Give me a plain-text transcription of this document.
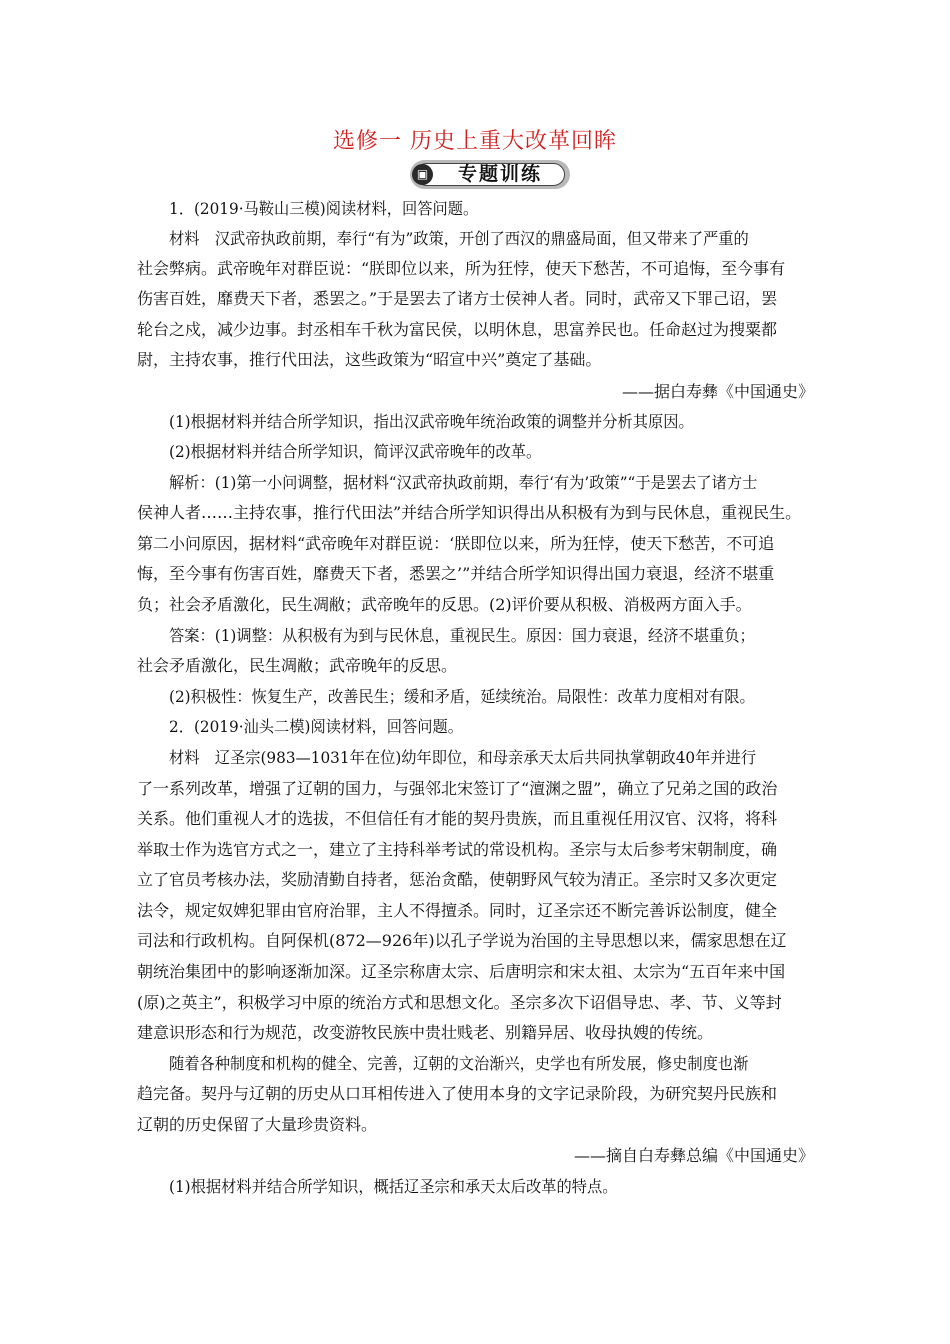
选修一 历史上重大改革回眸
▣	专题训练
1．(2019·马鞍山三模)阅读材料，回答问题。
材料　汉武帝执政前期，奉行“有为”政策，开创了西汉的鼎盛局面，但又带来了严重的
社会弊病。武帝晚年对群臣说：“朕即位以来，所为狂悖，使天下愁苦，不可追悔，至今事有
伤害百姓，靡费天下者，悉罢之。”于是罢去了诸方士侯神人者。同时，武帝又下罪己诏，罢
轮台之戍，减少边事。封丞相车千秋为富民侯，以明休息，思富养民也。任命赵过为搜粟都
尉，主持农事，推行代田法，这些政策为“昭宣中兴”奠定了基础。
——据白寿彝《中国通史》
(1)根据材料并结合所学知识，指出汉武帝晚年统治政策的调整并分析其原因。
(2)根据材料并结合所学知识，简评汉武帝晚年的改革。
解析：(1)第一小问调整，据材料“汉武帝执政前期，奉行‘有为’政策”“于是罢去了诸方士
侯神人者……主持农事，推行代田法”并结合所学知识得出从积极有为到与民休息，重视民生。
第二小问原因，据材料“武帝晚年对群臣说：‘朕即位以来，所为狂悖，使天下愁苦，不可追
悔，至今事有伤害百姓，靡费天下者，悉罢之’”并结合所学知识得出国力衰退，经济不堪重
负；社会矛盾激化，民生凋敝；武帝晚年的反思。(2)评价要从积极、消极两方面入手。
答案：(1)调整：从积极有为到与民休息，重视民生。原因：国力衰退，经济不堪重负；
社会矛盾激化，民生凋敝；武帝晚年的反思。
(2)积极性：恢复生产，改善民生；缓和矛盾，延续统治。局限性：改革力度相对有限。
2．(2019·汕头二模)阅读材料，回答问题。
材料　辽圣宗(983—1031年在位)幼年即位，和母亲承天太后共同执掌朝政40年并进行
了一系列改革，增强了辽朝的国力，与强邻北宋签订了“澶渊之盟”，确立了兄弟之国的政治
关系。他们重视人才的选拔，不但信任有才能的契丹贵族，而且重视任用汉官、汉将，将科
举取士作为选官方式之一，建立了主持科举考试的常设机构。圣宗与太后参考宋朝制度，确
立了官员考核办法，奖励清勤自持者，惩治贪酷，使朝野风气较为清正。圣宗时又多次更定
法令，规定奴婢犯罪由官府治罪，主人不得擅杀。同时，辽圣宗还不断完善诉讼制度，健全
司法和行政机构。自阿保机(872—926年)以孔子学说为治国的主导思想以来，儒家思想在辽
朝统治集团中的影响逐渐加深。辽圣宗称唐太宗、后唐明宗和宋太祖、太宗为“五百年来中国
(原)之英主”，积极学习中原的统治方式和思想文化。圣宗多次下诏倡导忠、孝、节、义等封
建意识形态和行为规范，改变游牧民族中贵壮贱老、别籍异居、收母执嫂的传统。
随着各种制度和机构的健全、完善，辽朝的文治渐兴，史学也有所发展，修史制度也渐
趋完备。契丹与辽朝的历史从口耳相传进入了使用本身的文字记录阶段，为研究契丹民族和
辽朝的历史保留了大量珍贵资料。
——摘自白寿彝总编《中国通史》
(1)根据材料并结合所学知识，概括辽圣宗和承天太后改革的特点。
